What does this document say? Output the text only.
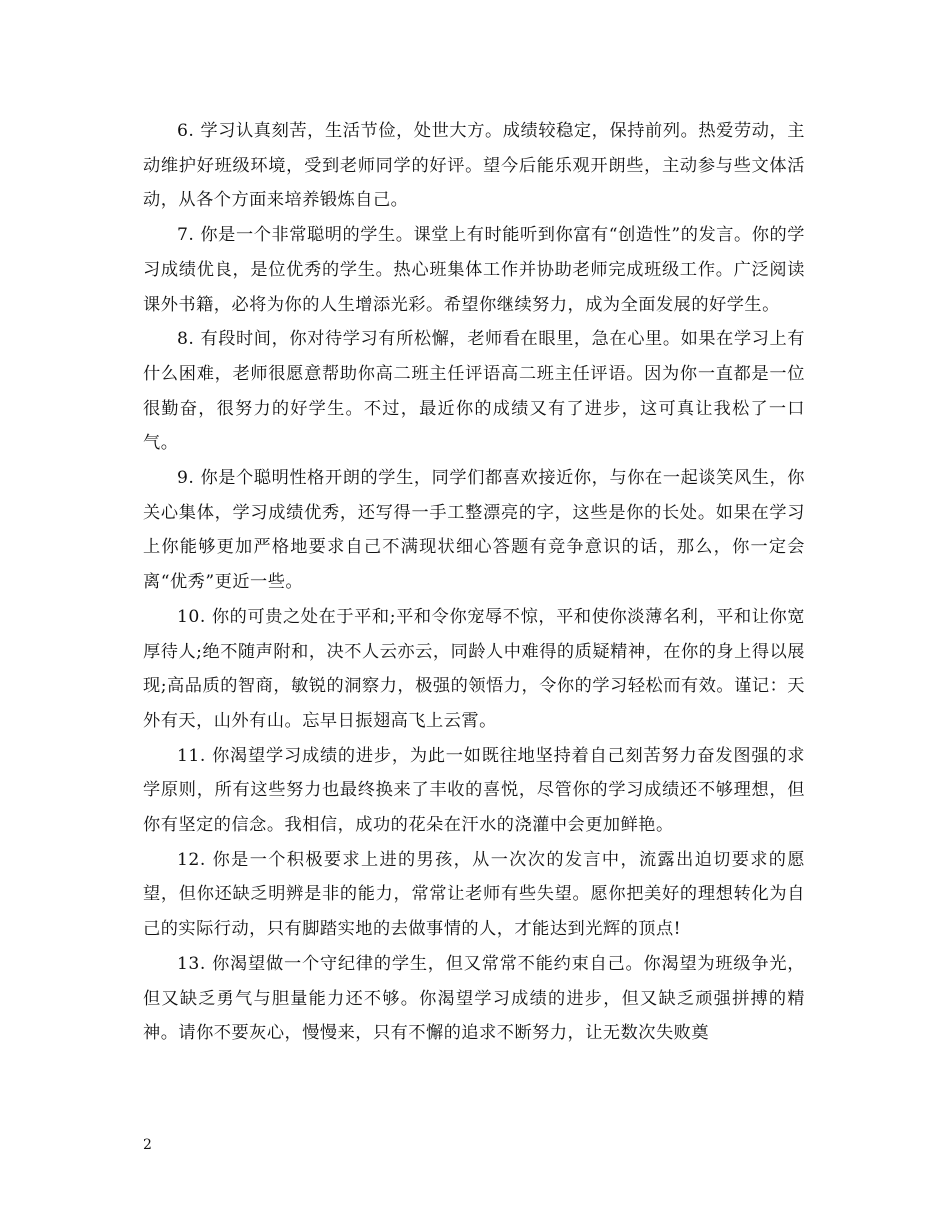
6. 学习认真刻苦，生活节俭，处世大方。成绩较稳定，保持前列。热爱劳动，主动维护好班级环境，受到老师同学的好评。望今后能乐观开朗些，主动参与些文体活动，从各个方面来培养锻炼自己。

7. 你是一个非常聪明的学生。课堂上有时能听到你富有“创造性”的发言。你的学习成绩优良，是位优秀的学生。热心班集体工作并协助老师完成班级工作。广泛阅读课外书籍，必将为你的人生增添光彩。希望你继续努力，成为全面发展的好学生。

8. 有段时间，你对待学习有所松懈，老师看在眼里，急在心里。如果在学习上有什么困难，老师很愿意帮助你高二班主任评语高二班主任评语。因为你一直都是一位很勤奋，很努力的好学生。不过，最近你的成绩又有了进步，这可真让我松了一口气。

9. 你是个聪明性格开朗的学生，同学们都喜欢接近你，与你在一起谈笑风生，你关心集体，学习成绩优秀，还写得一手工整漂亮的字，这些是你的长处。如果在学习上你能够更加严格地要求自己不满现状细心答题有竞争意识的话，那么，你一定会离“优秀”更近一些。

10. 你的可贵之处在于平和;平和令你宠辱不惊，平和使你淡薄名利，平和让你宽厚待人;绝不随声附和，决不人云亦云，同龄人中难得的质疑精神，在你的身上得以展现;高品质的智商，敏锐的洞察力，极强的领悟力，令你的学习轻松而有效。谨记：天外有天，山外有山。忘早日振翅高飞上云霄。

11. 你渴望学习成绩的进步，为此一如既往地坚持着自己刻苦努力奋发图强的求学原则，所有这些努力也最终换来了丰收的喜悦，尽管你的学习成绩还不够理想，但你有坚定的信念。我相信，成功的花朵在汗水的浇灌中会更加鲜艳。

12. 你是一个积极要求上进的男孩，从一次次的发言中，流露出迫切要求的愿望，但你还缺乏明辨是非的能力，常常让老师有些失望。愿你把美好的理想转化为自己的实际行动，只有脚踏实地的去做事情的人，才能达到光辉的顶点!

13. 你渴望做一个守纪律的学生，但又常常不能约束自己。你渴望为班级争光，但又缺乏勇气与胆量能力还不够。你渴望学习成绩的进步，但又缺乏顽强拼搏的精神。请你不要灰心，慢慢来，只有不懈的追求不断努力，让无数次失败奠

2
